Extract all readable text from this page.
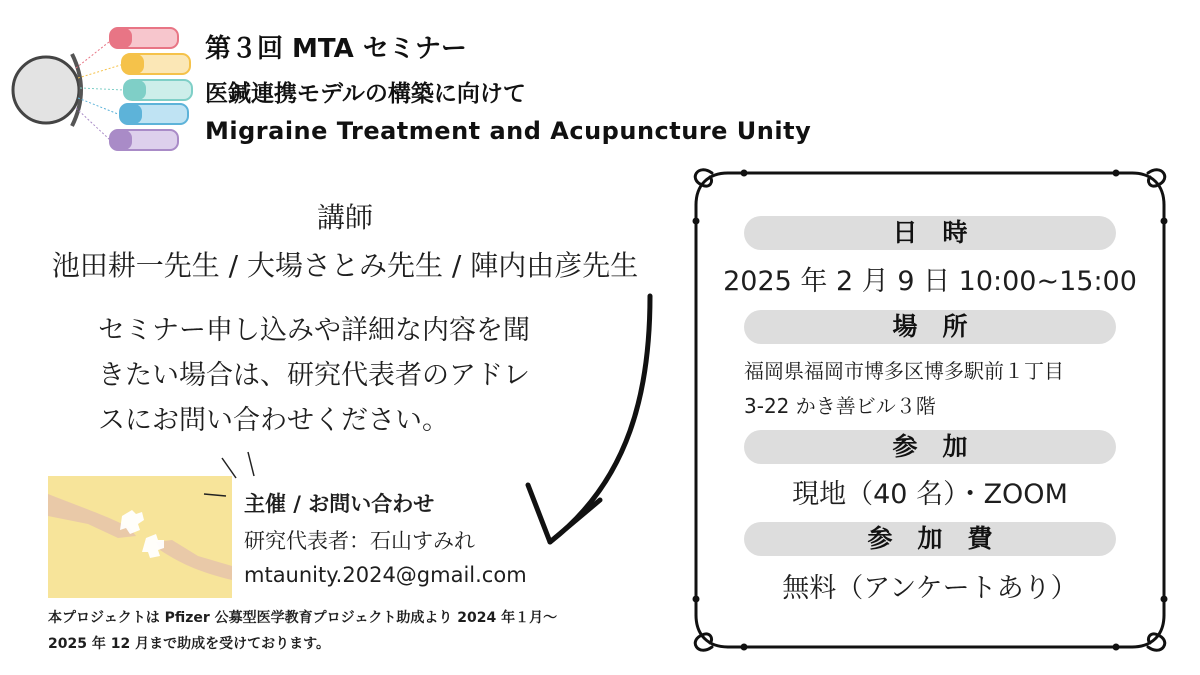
第３回 MTA セミナー
医鍼連携モデルの構築に向けて
Migraine Treatment and Acupuncture Unity
講師
池田耕一先生 / 大場さとみ先生 / 陣内由彦先生
セミナー申し込みや詳細な内容を聞
きたい場合は、研究代表者のアドレ
スにお問い合わせください。
主催 / お問い合わせ
研究代表者：石山すみれ
mtaunity.2024@gmail.com
本プロジェクトは Pfizer 公募型医学教育プロジェクト助成より 2024 年１月〜
2025 年 12 月まで助成を受けております。
日　時
2025 年 2 月 9 日 10:00~15:00
場　所
福岡県福岡市博多区博多駅前１丁目
3-22 かき善ビル３階
参　加
現地（40 名）・ZOOM
参　加　費
無料（アンケートあり）
